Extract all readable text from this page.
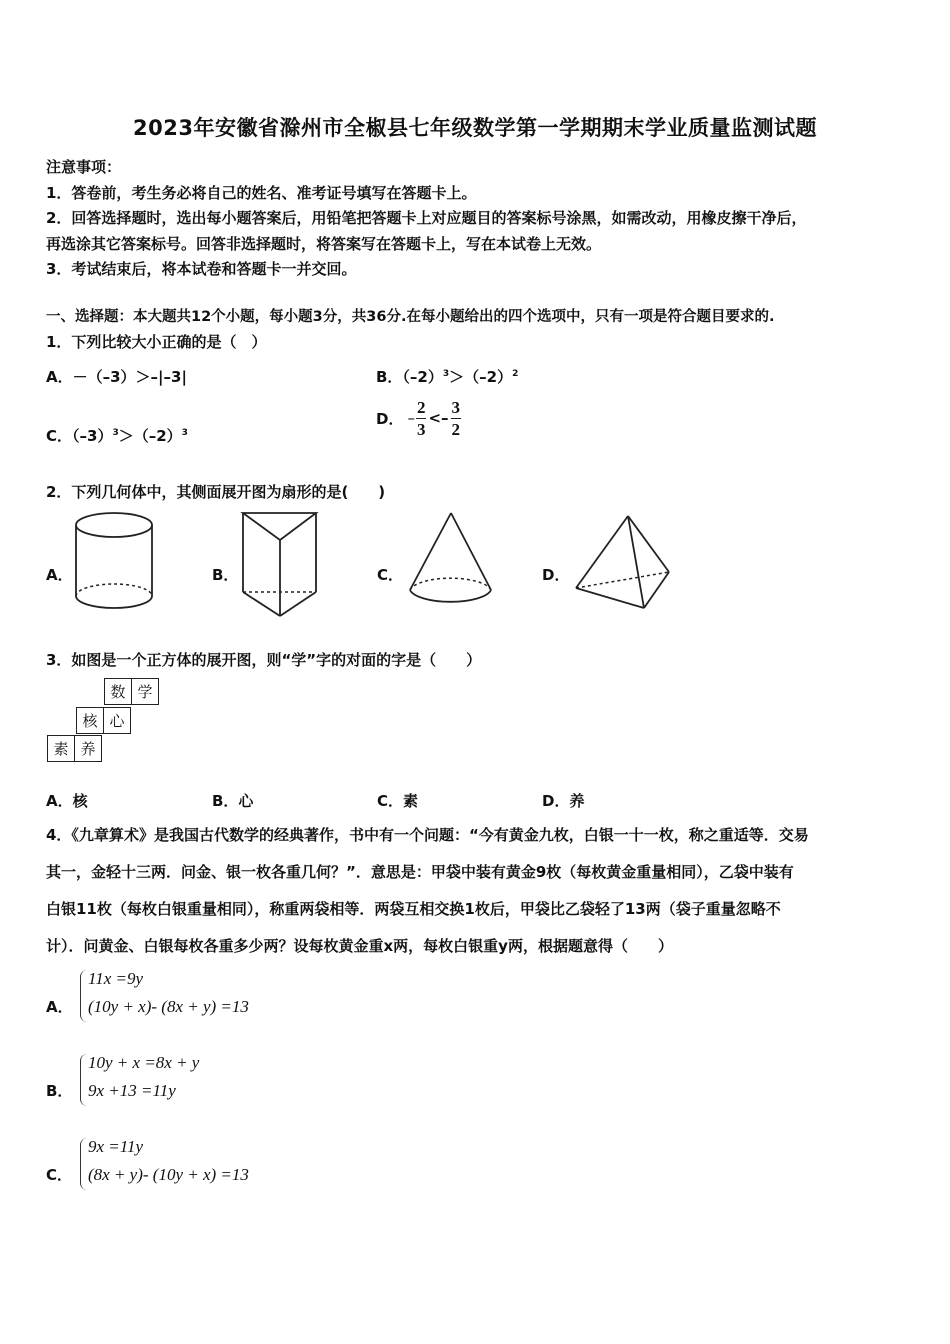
2023年安徽省滁州市全椒县七年级数学第一学期期末学业质量监测试题
注意事项：
1．答卷前，考生务必将自己的姓名、准考证号填写在答题卡上。
2．回答选择题时，选出每小题答案后，用铅笔把答题卡上对应题目的答案标号涂黑，如需改动，用橡皮擦干净后，
再选涂其它答案标号。回答非选择题时，将答案写在答题卡上，写在本试卷上无效。
3．考试结束后，将本试卷和答题卡一并交回。
一、选择题：本大题共12个小题，每小题3分，共36分.在每小题给出的四个选项中，只有一项是符合题目要求的.
1．下列比较大小正确的是（　）
A．－（–3）＞–|–3|	B．$(-2)^3>(-2)^2$
C．$(-3)^3>(-2)^3$
D． – $\frac{2}{3} <- \frac{3}{2}$
2．下列几何体中，其侧面展开图为扇形的是(　　)
A．	B．	C．	D．
3．如图是一个正方体的展开图，则“学”字的对面的字是（　　）
数 学
核 心
素 养
A．核	B．心	C．素	D．养
4．《九章算术》是我国古代数学的经典著作，书中有一个问题：“今有黄金九枚，白银一十一枚，称之重适等．交易
其一，金轻十三两．问金、银一枚各重几何？”．意思是：甲袋中装有黄金9枚（每枚黄金重量相同），乙袋中装有
白银11枚（每枚白银重量相同），称重两袋相等．两袋互相交换1枚后，甲袋比乙袋轻了13两（袋子重量忽略不
计）．问黄金、白银每枚各重多少两？设每枚黄金重x两，每枚白银重y两，根据题意得（　　）
A．
11x =9y
(10y + x)- (8x + y) =13
B．
10y + x =8x + y
9x +13 =11y
C．
9x =11y
(8x + y)- (10y + x) =13
